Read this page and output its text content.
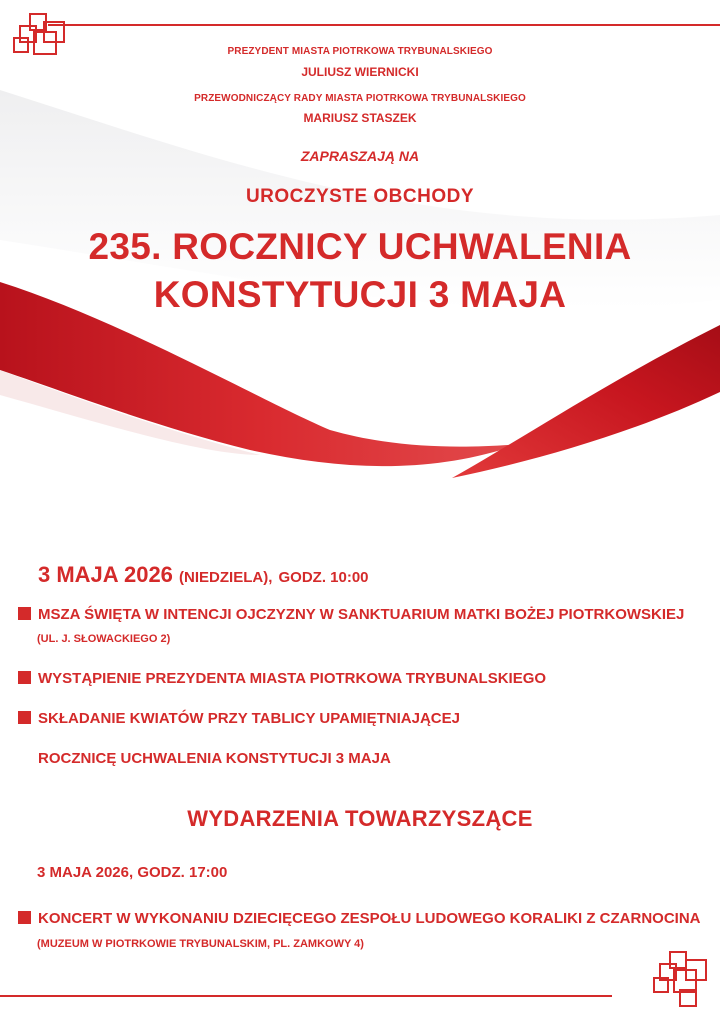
PREZYDENT MIASTA PIOTRKOWA TRYBUNALSKIEGO
JULIUSZ WIERNICKI
PRZEWODNICZĄCY RADY MIASTA PIOTRKOWA TRYBUNALSKIEGO
MARIUSZ STASZEK
ZAPRASZAJĄ NA
UROCZYSTE OBCHODY
235. ROCZNICY UCHWALENIA
KONSTYTUCJI 3 MAJA
3 MAJA 2026 (NIEDZIELA), GODZ. 10:00
MSZA ŚWIĘTA W INTENCJI OJCZYZNY W SANKTUARIUM MATKI BOŻEJ PIOTRKOWSKIEJ
(UL. J. SŁOWACKIEGO 2)
WYSTĄPIENIE PREZYDENTA MIASTA PIOTRKOWA TRYBUNALSKIEGO
SKŁADANIE KWIATÓW PRZY TABLICY UPAMIĘTNIAJĄCEJ
ROCZNICĘ UCHWALENIA KONSTYTUCJI 3 MAJA
WYDARZENIA TOWARZYSZĄCE
3 MAJA 2026, GODZ. 17:00
KONCERT W WYKONANIU DZIECIĘCEGO ZESPOŁU LUDOWEGO KORALIKI Z CZARNOCINA
(MUZEUM W PIOTRKOWIE TRYBUNALSKIM, PL. ZAMKOWY 4)
